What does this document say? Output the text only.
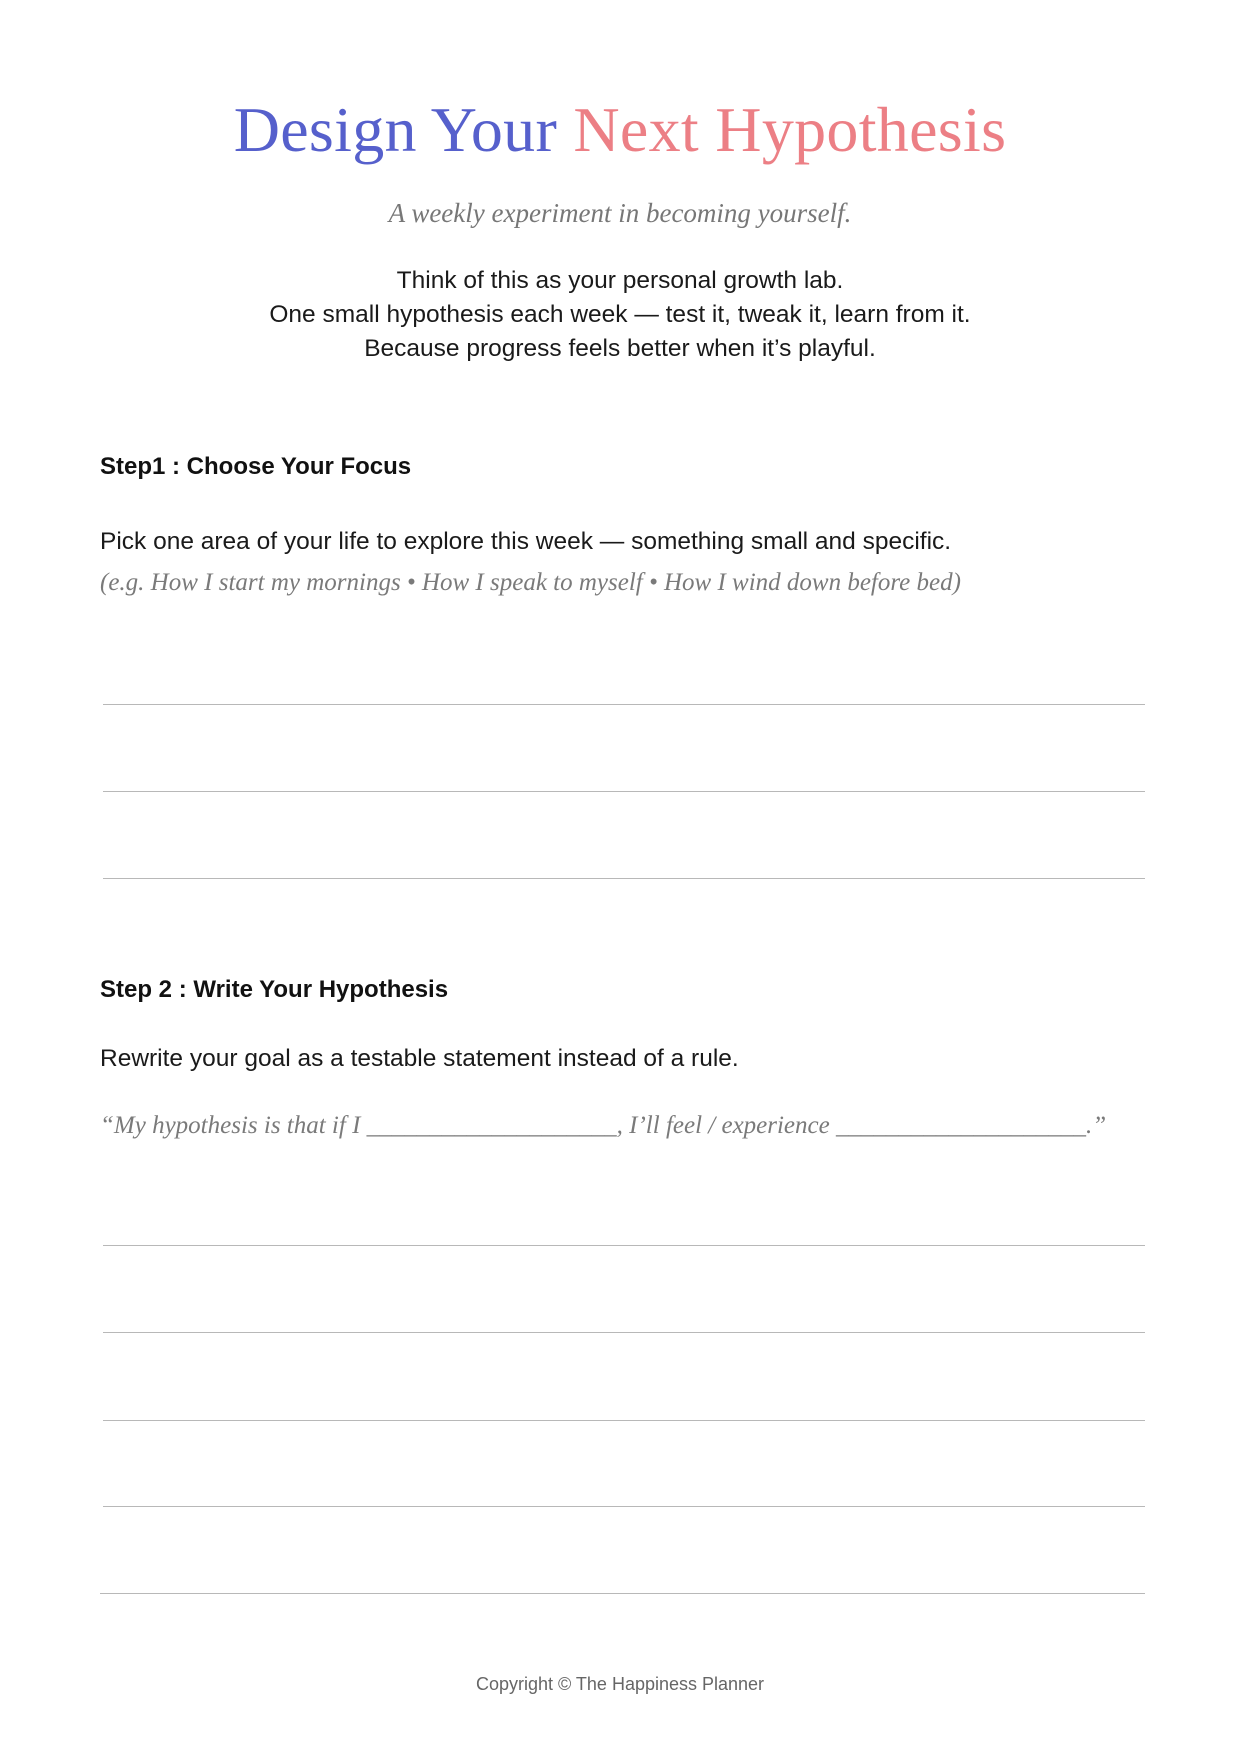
Design Your Next Hypothesis
A weekly experiment in becoming yourself.
Think of this as your personal growth lab.
One small hypothesis each week — test it, tweak it, learn from it.
Because progress feels better when it’s playful.
Step1 : Choose Your Focus
Pick one area of your life to explore this week — something small and specific.
(e.g. How I start my mornings • How I speak to myself • How I wind down before bed)
Step 2 : Write Your Hypothesis
Rewrite your goal as a testable statement instead of a rule.
“My hypothesis is that if I ____________________, I’ll feel / experience ____________________.”
Copyright © The Happiness Planner
